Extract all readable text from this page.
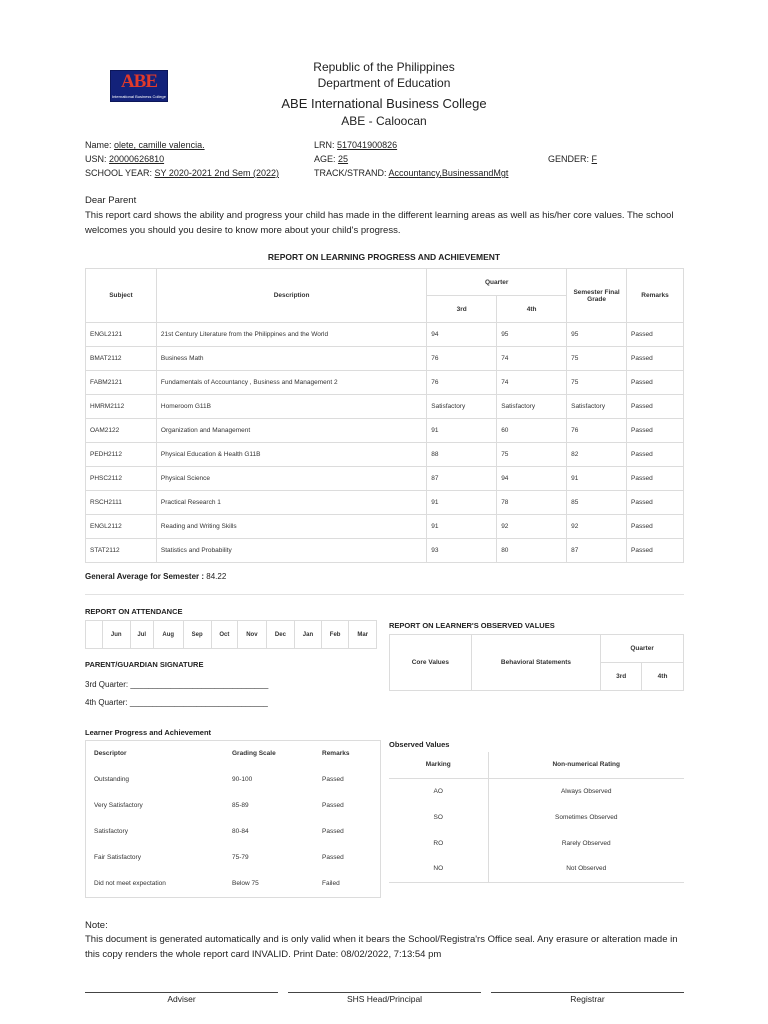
ABE
International Business College
Republic of the Philippines
Department of Education
ABE International Business College
ABE - Caloocan
Name: olete, camille valencia.
USN: 20000626810
SCHOOL YEAR: SY 2020-2021 2nd Sem (2022)
LRN: 517041900826
AGE: 25
TRACK/STRAND: Accountancy,BusinessandMgt
GENDER: F
Dear Parent
This report card shows the ability and progress your child has made in the different learning areas as well as his/her core values. The school welcomes you should you desire to know more about your child's progress.
REPORT ON LEARNING PROGRESS AND ACHIEVEMENT
Subject	Description	Quarter		Semester Final Grade	Remarks
		3rd	4th		
ENGL2121	21st Century Literature from the Philippines and the World	94	95	95	Passed
BMAT2112	Business Math	76	74	75	Passed
FABM2121	Fundamentals of Accountancy , Business and Management 2	76	74	75	Passed
HMRM2112	Homeroom G11B	Satisfactory	Satisfactory	Satisfactory	Passed
OAM2122	Organization and Management	91	60	76	Passed
PEDH2112	Physical Education & Health G11B	88	75	82	Passed
PHSC2112	Physical Science	87	94	91	Passed
RSCH2111	Practical Research 1	91	78	85	Passed
ENGL2112	Reading and Writing Skills	91	92	92	Passed
STAT2112	Statistics and Probability	93	80	87	Passed
General Average for Semester : 84.22
REPORT ON ATTENDANCE
	Jun	Jul	Aug	Sep	Oct	Nov	Dec	Jan	Feb	Mar
PARENT/GUARDIAN SIGNATURE
3rd Quarter: _______________________________
4th Quarter: _______________________________
REPORT ON LEARNER'S OBSERVED VALUES
Core Values	Behavioral Statements	Quarter	
		3rd	4th
Learner Progress and Achievement
Descriptor	Grading Scale	Remarks
Outstanding	90-100	Passed
Very Satisfactory	85-89	Passed
Satisfactory	80-84	Passed
Fair Satisfactory	75-79	Passed
Did not meet expectation	Below 75	Failed
Observed Values
Marking	Non-numerical Rating
AO	Always Observed
SO	Sometimes Observed
RO	Rarely Observed
NO	Not Observed
Note:
This document is generated automatically and is only valid when it bears the School/Registra'rs Office seal. Any erasure or alteration made in this copy renders the whole report card INVALID. Print Date: 08/02/2022, 7:13:54 pm
Adviser	SHS Head/Principal	Registrar
